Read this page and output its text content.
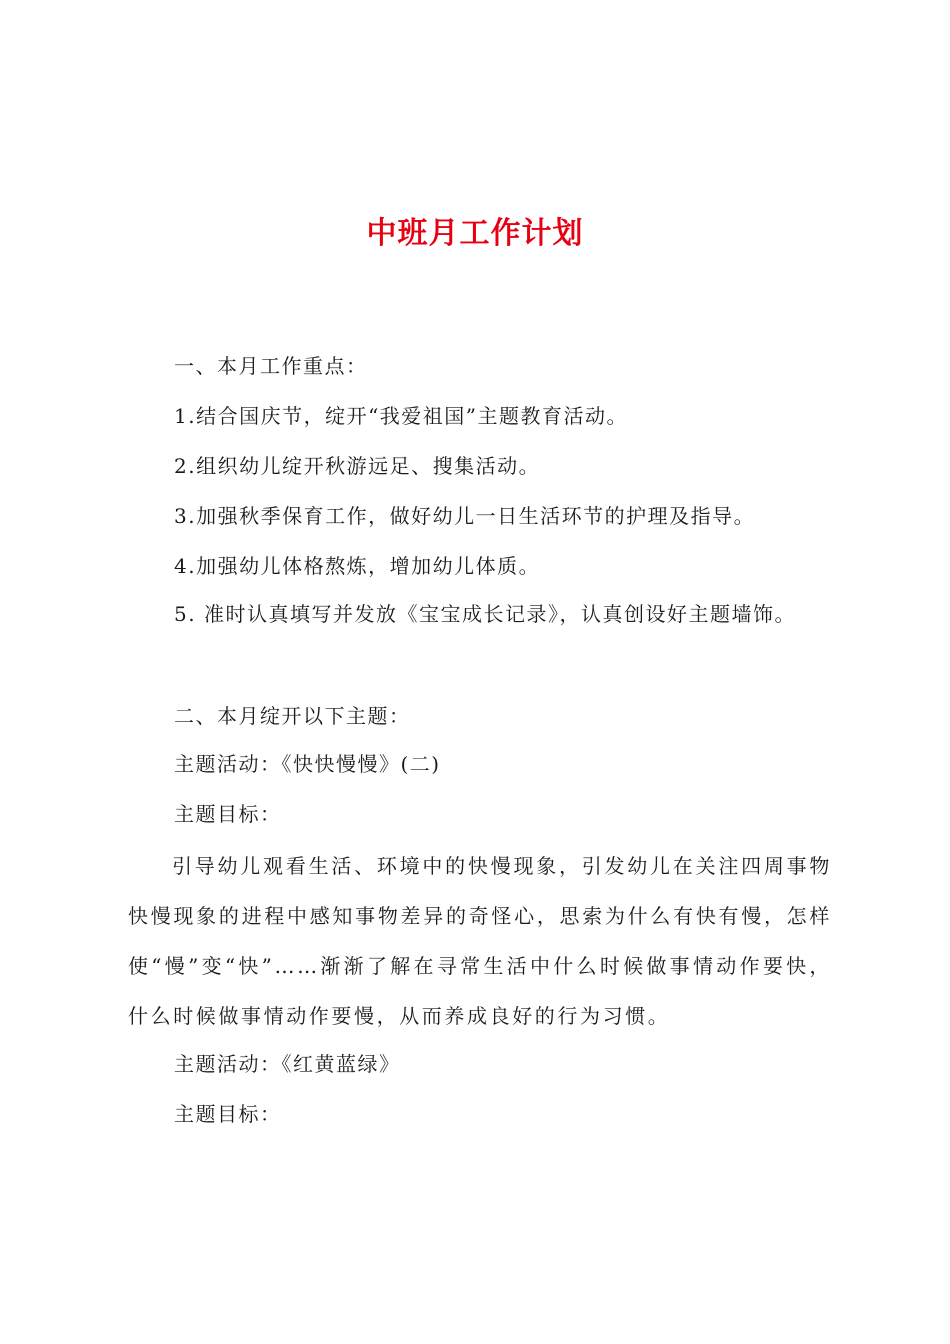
中班月工作计划

一、本月工作重点：

1.结合国庆节，绽开“我爱祖国”主题教育活动。

2.组织幼儿绽开秋游远足、搜集活动。

3.加强秋季保育工作，做好幼儿一日生活环节的护理及指导。

4.加强幼儿体格熬炼，增加幼儿体质。

5. 准时认真填写并发放《宝宝成长记录》，认真创设好主题墙饰。

二、本月绽开以下主题：

主题活动：《快快慢慢》(二)

主题目标：

引导幼儿观看生活、环境中的快慢现象，引发幼儿在关注四周事物快慢现象的进程中感知事物差异的奇怪心，思索为什么有快有慢，怎样使“慢”变“快”……渐渐了解在寻常生活中什么时候做事情动作要快，什么时候做事情动作要慢，从而养成良好的行为习惯。

主题活动：《红黄蓝绿》

主题目标：
